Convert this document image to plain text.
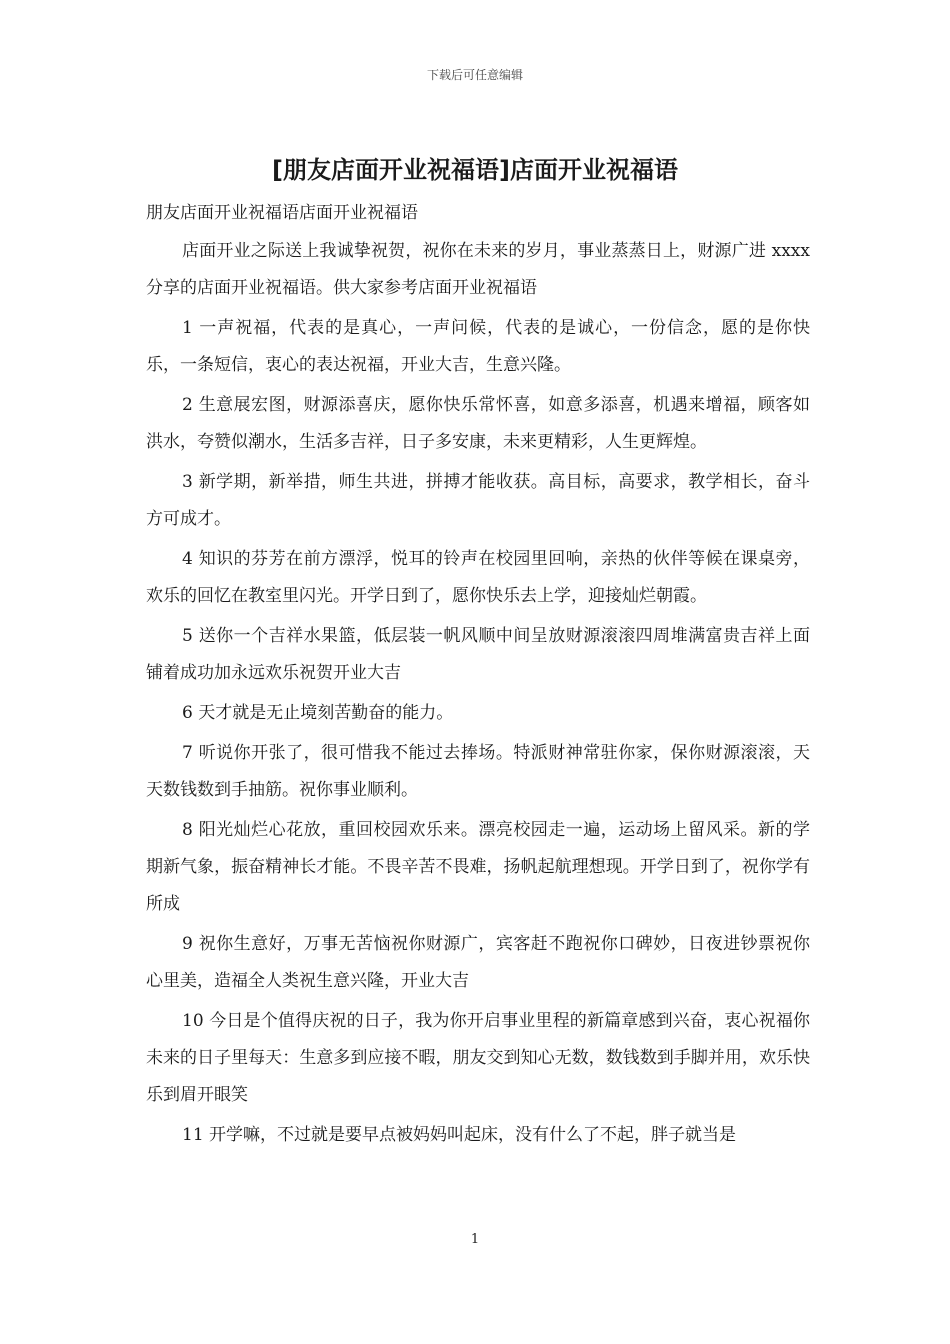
下载后可任意编辑
[朋友店面开业祝福语]店面开业祝福语

朋友店面开业祝福语店面开业祝福语

店面开业之际送上我诚挚祝贺，祝你在未来的岁月，事业蒸蒸日上，财源广进 xxxx 分享的店面开业祝福语。供大家参考店面开业祝福语

1 一声祝福，代表的是真心，一声问候，代表的是诚心，一份信念，愿的是你快乐，一条短信，衷心的表达祝福，开业大吉，生意兴隆。

2 生意展宏图，财源添喜庆，愿你快乐常怀喜，如意多添喜，机遇来增福，顾客如洪水，夸赞似潮水，生活多吉祥，日子多安康，未来更精彩，人生更辉煌。

3 新学期，新举措，师生共进，拼搏才能收获。高目标，高要求，教学相长，奋斗方可成才。

4 知识的芬芳在前方漂浮，悦耳的铃声在校园里回响，亲热的伙伴等候在课桌旁，欢乐的回忆在教室里闪光。开学日到了，愿你快乐去上学，迎接灿烂朝霞。

5 送你一个吉祥水果篮，低层装一帆风顺中间呈放财源滚滚四周堆满富贵吉祥上面铺着成功加永远欢乐祝贺开业大吉

6 天才就是无止境刻苦勤奋的能力。

7 听说你开张了，很可惜我不能过去捧场。特派财神常驻你家，保你财源滚滚，天天数钱数到手抽筋。祝你事业顺利。

8 阳光灿烂心花放，重回校园欢乐来。漂亮校园走一遍，运动场上留风采。新的学期新气象，振奋精神长才能。不畏辛苦不畏难，扬帆起航理想现。开学日到了，祝你学有所成

9 祝你生意好，万事无苦恼祝你财源广，宾客赶不跑祝你口碑妙，日夜进钞票祝你心里美，造福全人类祝生意兴隆，开业大吉

10 今日是个值得庆祝的日子，我为你开启事业里程的新篇章感到兴奋，衷心祝福你未来的日子里每天：生意多到应接不暇，朋友交到知心无数，数钱数到手脚并用，欢乐快乐到眉开眼笑

11 开学嘛，不过就是要早点被妈妈叫起床，没有什么了不起，胖子就当是

1
